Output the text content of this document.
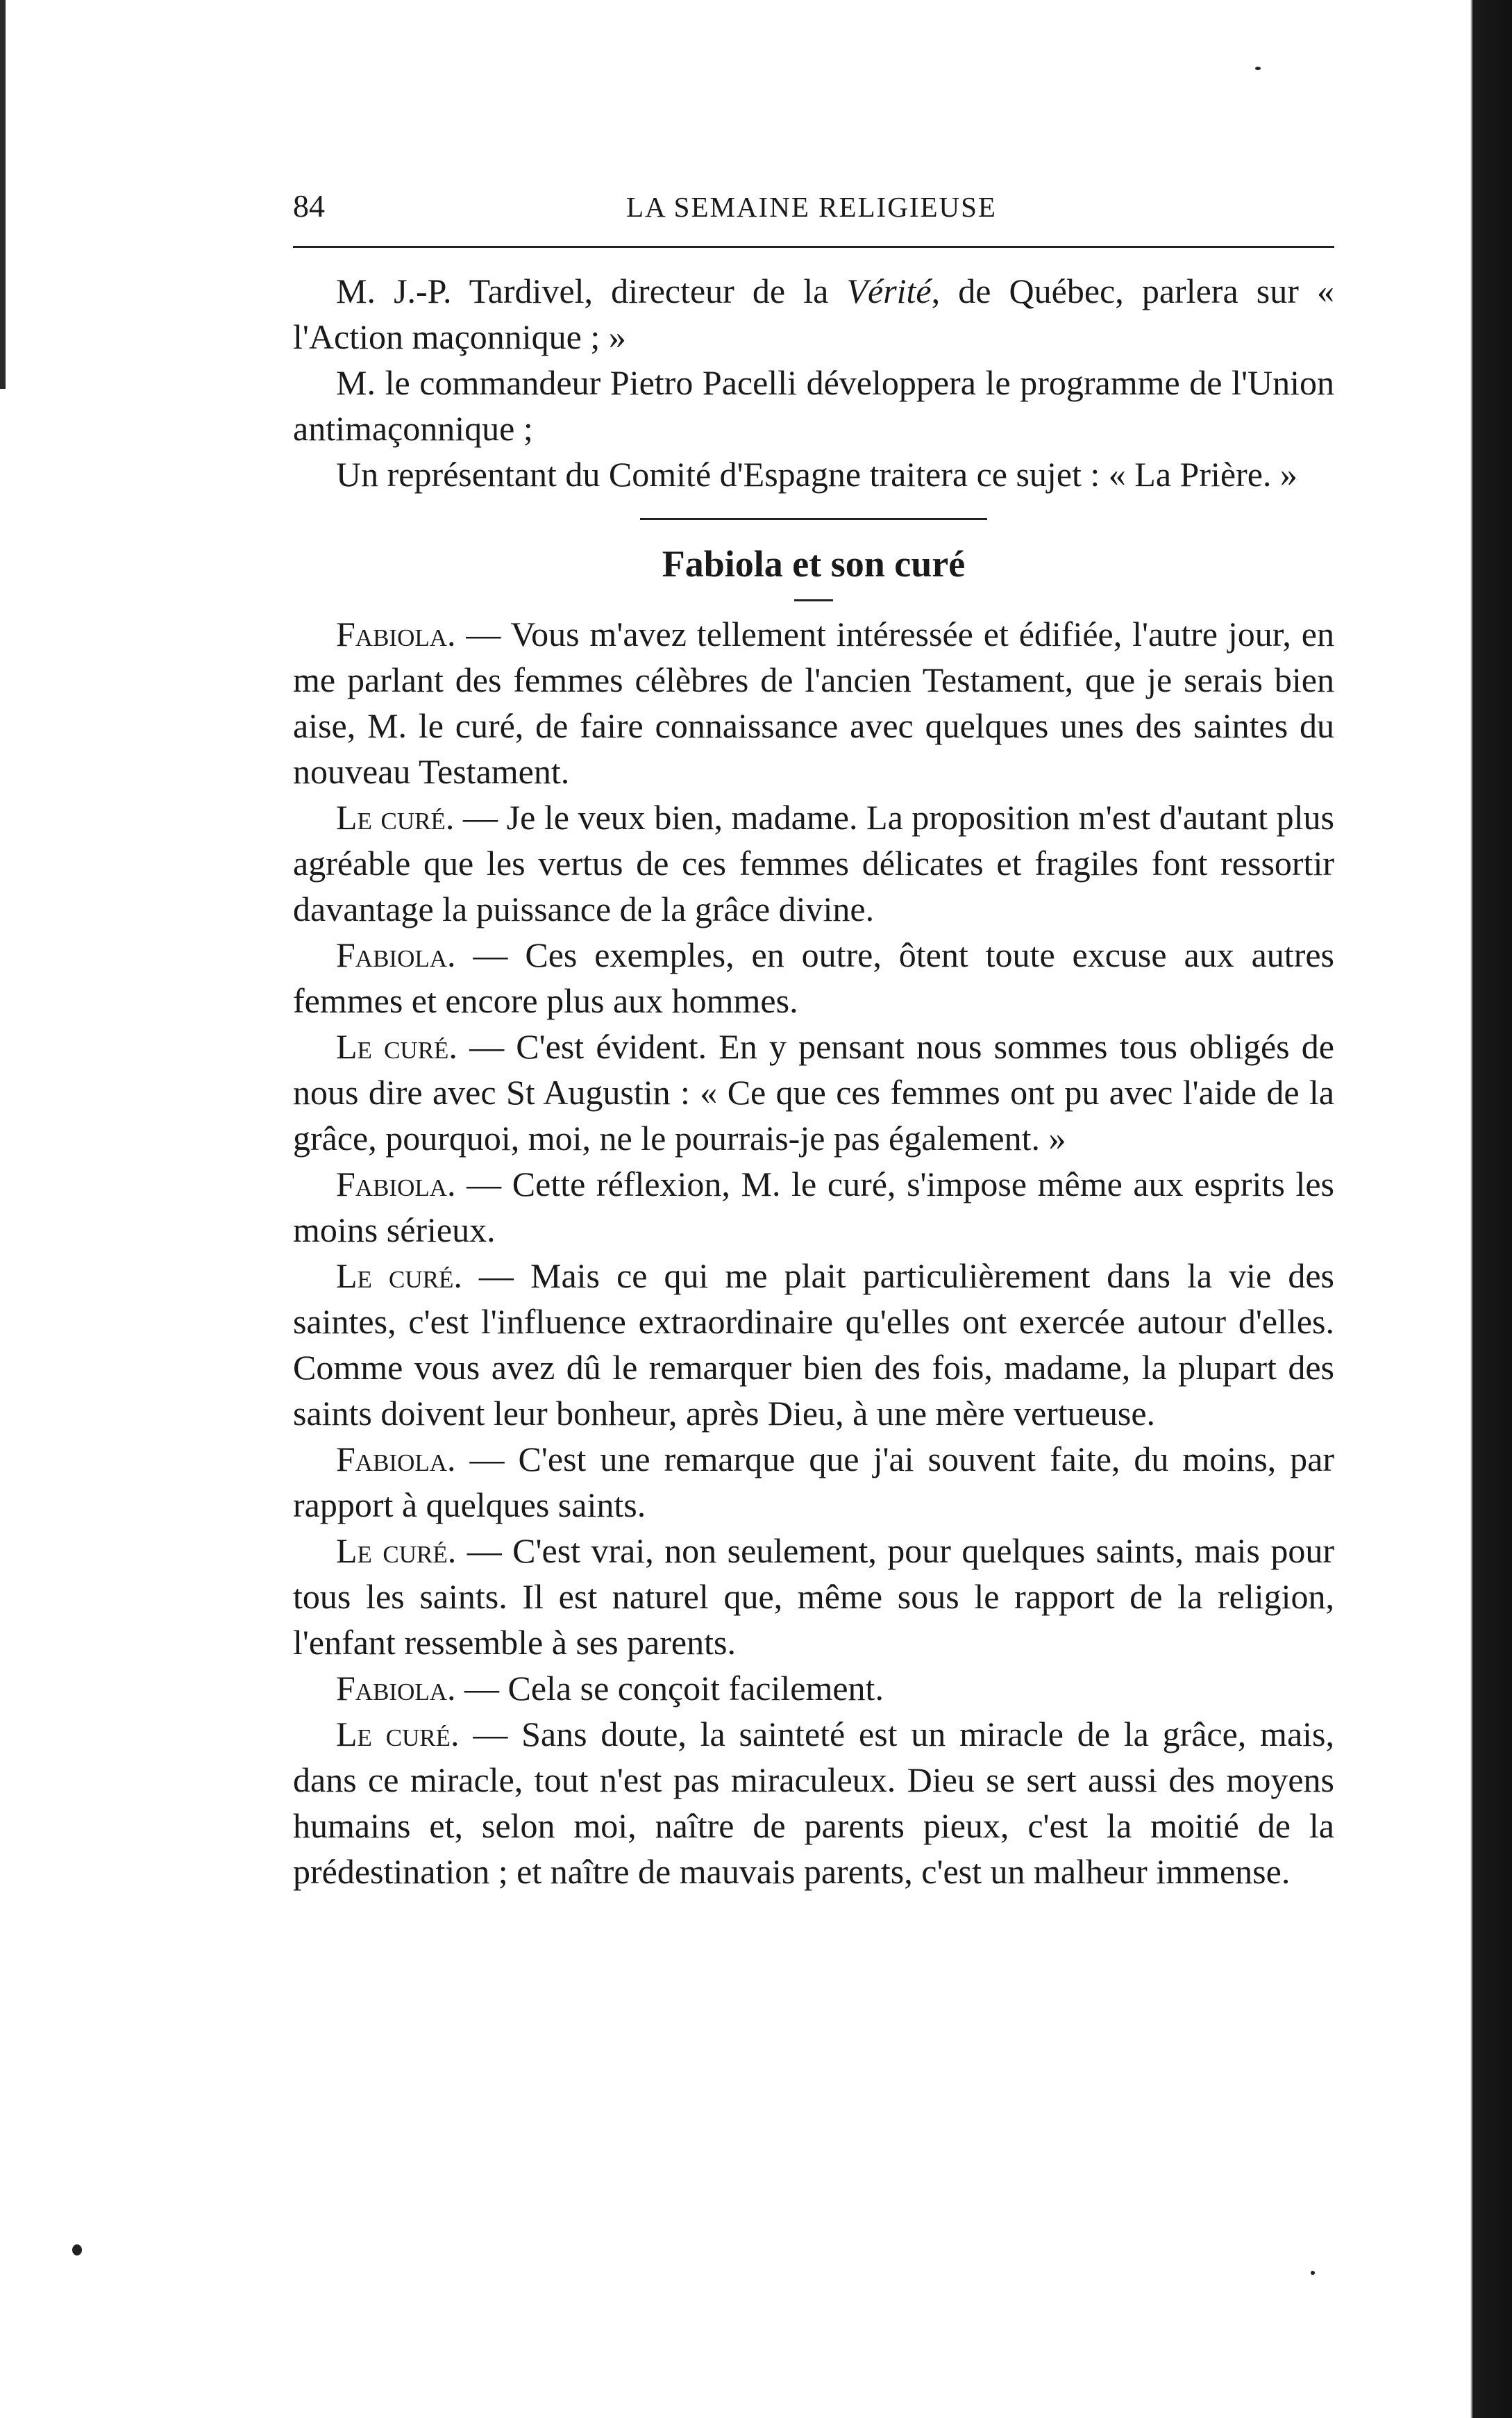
84	LA SEMAINE RELIGIEUSE

M. J.-P. Tardivel, directeur de la Vérité, de Québec, parlera sur « l'Action maçonnique ; »

M. le commandeur Pietro Pacelli développera le programme de l'Union antimaçonnique ;

Un représentant du Comité d'Espagne traitera ce sujet : « La Prière. »

Fabiola et son curé

Fabiola. — Vous m'avez tellement intéressée et édifiée, l'autre jour, en me parlant des femmes célèbres de l'ancien Testament, que je serais bien aise, M. le curé, de faire connaissance avec quelques unes des saintes du nouveau Testament.

Le curé. — Je le veux bien, madame. La proposition m'est d'autant plus agréable que les vertus de ces femmes délicates et fragiles font ressortir davantage la puissance de la grâce divine.

Fabiola. — Ces exemples, en outre, ôtent toute excuse aux autres femmes et encore plus aux hommes.

Le curé. — C'est évident. En y pensant nous sommes tous obligés de nous dire avec St Augustin : « Ce que ces femmes ont pu avec l'aide de la grâce, pourquoi, moi, ne le pourrais-je pas également. »

Fabiola. — Cette réflexion, M. le curé, s'impose même aux esprits les moins sérieux.

Le curé. — Mais ce qui me plait particulièrement dans la vie des saintes, c'est l'influence extraordinaire qu'elles ont exercée autour d'elles. Comme vous avez dû le remarquer bien des fois, madame, la plupart des saints doivent leur bonheur, après Dieu, à une mère vertueuse.

Fabiola. — C'est une remarque que j'ai souvent faite, du moins, par rapport à quelques saints.

Le curé. — C'est vrai, non seulement, pour quelques saints, mais pour tous les saints. Il est naturel que, même sous le rapport de la religion, l'enfant ressemble à ses parents.

Fabiola. — Cela se conçoit facilement.

Le curé. — Sans doute, la sainteté est un miracle de la grâce, mais, dans ce miracle, tout n'est pas miraculeux. Dieu se sert aussi des moyens humains et, selon moi, naître de parents pieux, c'est la moitié de la prédestination ; et naître de mauvais parents, c'est un malheur immense.
